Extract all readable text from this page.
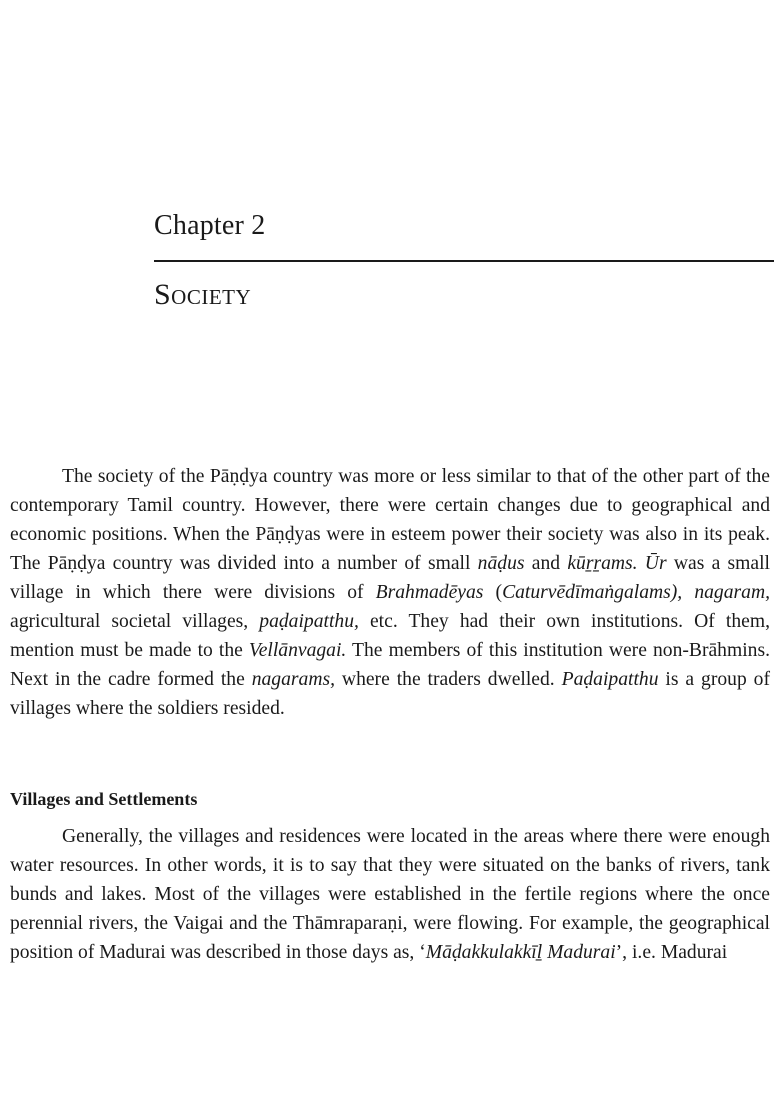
Chapter 2
Society

The society of the Pāṇḍya country was more or less similar to that of the other part of the contemporary Tamil country. However, there were certain changes due to geographical and economic positions. When the Pāṇḍyas were in esteem power their society was also in its peak. The Pāṇḍya country was divided into a number of small nāḍus and kūṟṟams. Ūr was a small village in which there were divisions of Brahmadēyas (Caturvēdīmaṅgalams), nagaram, agricultural societal villages, paḍaipatthu, etc. They had their own institutions. Of them, mention must be made to the Vellānvagai. The members of this institution were non-Brāhmins. Next in the cadre formed the nagarams, where the traders dwelled. Paḍaipatthu is a group of villages where the soldiers resided.

Villages and Settlements

Generally, the villages and residences were located in the areas where there were enough water resources. In other words, it is to say that they were situated on the banks of rivers, tank bunds and lakes. Most of the villages were established in the fertile regions where the once perennial rivers, the Vaigai and the Thāmraparaṇi, were flowing. For example, the geographical position of Madurai was described in those days as, ‘Māḍakkulakkīḻ Madurai’, i.e. Madurai
